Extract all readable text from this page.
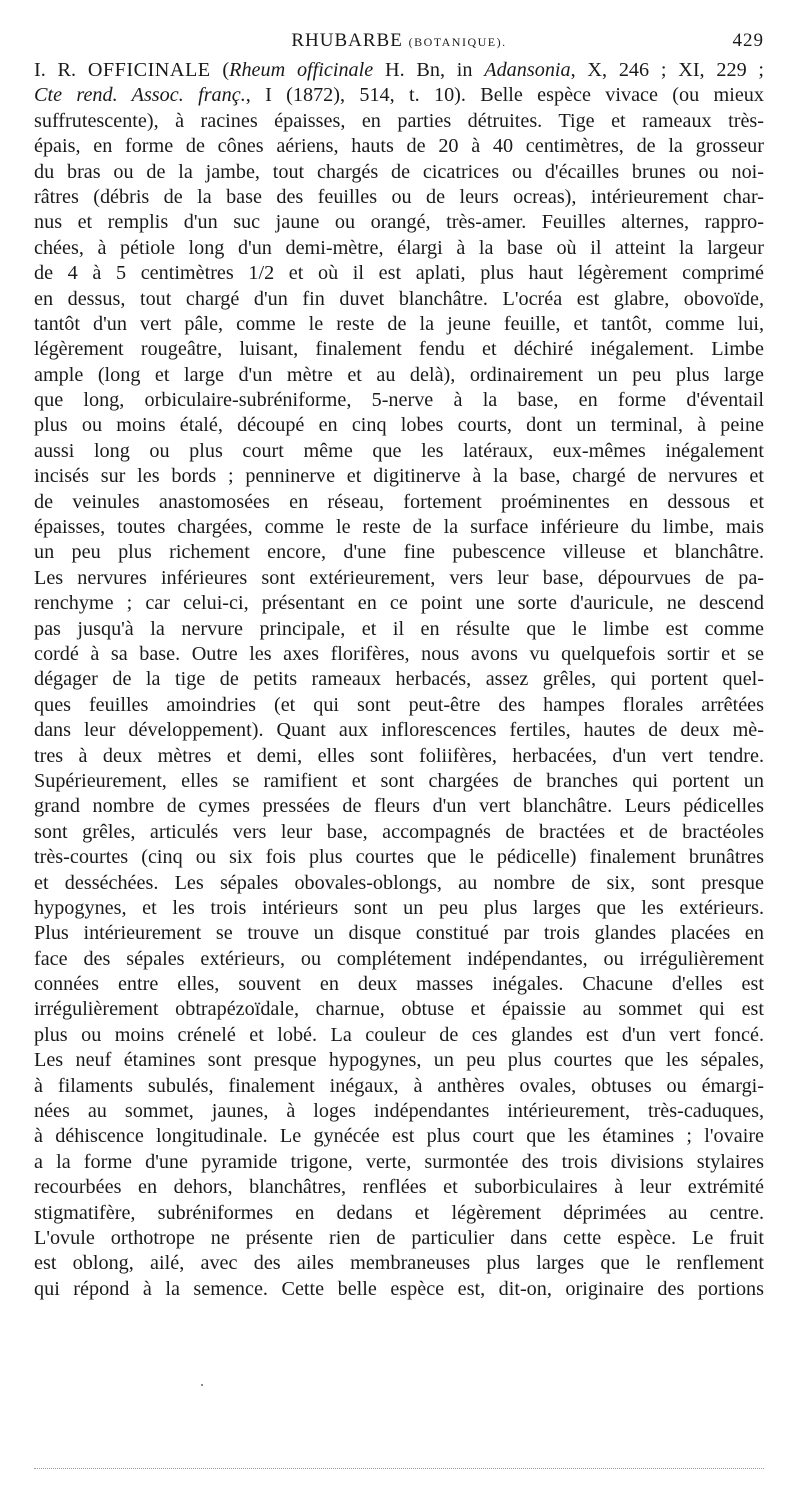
RHUBARBE (BOTANIQUE).	429
I. R. OFFICINALE (Rheum officinale H. Bn, in Adansonia, X, 246 ; XI, 229 ;
Cte rend. Assoc. franç., I (1872), 514, t. 10). Belle espèce vivace (ou mieux
suffrutescente), à racines épaisses, en parties détruites. Tige et rameaux très-
épais, en forme de cônes aériens, hauts de 20 à 40 centimètres, de la grosseur
du bras ou de la jambe, tout chargés de cicatrices ou d'écailles brunes ou noi-
râtres (débris de la base des feuilles ou de leurs ocreas), intérieurement char-
nus et remplis d'un suc jaune ou orangé, très-amer. Feuilles alternes, rappro-
chées, à pétiole long d'un demi-mètre, élargi à la base où il atteint la largeur
de 4 à 5 centimètres 1/2 et où il est aplati, plus haut légèrement comprimé
en dessus, tout chargé d'un fin duvet blanchâtre. L'ocréa est glabre, obovoïde,
tantôt d'un vert pâle, comme le reste de la jeune feuille, et tantôt, comme lui,
légèrement rougeâtre, luisant, finalement fendu et déchiré inégalement. Limbe
ample (long et large d'un mètre et au delà), ordinairement un peu plus large
que long, orbiculaire-subréniforme, 5-nerve à la base, en forme d'éventail
plus ou moins étalé, découpé en cinq lobes courts, dont un terminal, à peine
aussi long ou plus court même que les latéraux, eux-mêmes inégalement
incisés sur les bords ; penninerve et digitinerve à la base, chargé de nervures et
de veinules anastomosées en réseau, fortement proéminentes en dessous et
épaisses, toutes chargées, comme le reste de la surface inférieure du limbe, mais
un peu plus richement encore, d'une fine pubescence villeuse et blanchâtre.
Les nervures inférieures sont extérieurement, vers leur base, dépourvues de pa-
renchyme ; car celui-ci, présentant en ce point une sorte d'auricule, ne descend
pas jusqu'à la nervure principale, et il en résulte que le limbe est comme
cordé à sa base. Outre les axes florifères, nous avons vu quelquefois sortir et se
dégager de la tige de petits rameaux herbacés, assez grêles, qui portent quel-
ques feuilles amoindries (et qui sont peut-être des hampes florales arrêtées
dans leur développement). Quant aux inflorescences fertiles, hautes de deux mè-
tres à deux mètres et demi, elles sont foliifères, herbacées, d'un vert tendre.
Supérieurement, elles se ramifient et sont chargées de branches qui portent un
grand nombre de cymes pressées de fleurs d'un vert blanchâtre. Leurs pédicelles
sont grêles, articulés vers leur base, accompagnés de bractées et de bractéoles
très-courtes (cinq ou six fois plus courtes que le pédicelle) finalement brunâtres
et desséchées. Les sépales obovales-oblongs, au nombre de six, sont presque
hypogynes, et les trois intérieurs sont un peu plus larges que les extérieurs.
Plus intérieurement se trouve un disque constitué par trois glandes placées en
face des sépales extérieurs, ou complétement indépendantes, ou irrégulièrement
connées entre elles, souvent en deux masses inégales. Chacune d'elles est
irrégulièrement obtrapézoïdale, charnue, obtuse et épaissie au sommet qui est
plus ou moins crénelé et lobé. La couleur de ces glandes est d'un vert foncé.
Les neuf étamines sont presque hypogynes, un peu plus courtes que les sépales,
à filaments subulés, finalement inégaux, à anthères ovales, obtuses ou émargi-
nées au sommet, jaunes, à loges indépendantes intérieurement, très-caduques,
à déhiscence longitudinale. Le gynécée est plus court que les étamines ; l'ovaire
a la forme d'une pyramide trigone, verte, surmontée des trois divisions stylaires
recourbées en dehors, blanchâtres, renflées et suborbiculaires à leur extrémité
stigmatifère, subréniformes en dedans et légèrement déprimées au centre.
L'ovule orthotrope ne présente rien de particulier dans cette espèce. Le fruit
est oblong, ailé, avec des ailes membraneuses plus larges que le renflement
qui répond à la semence. Cette belle espèce est, dit-on, originaire des portions
